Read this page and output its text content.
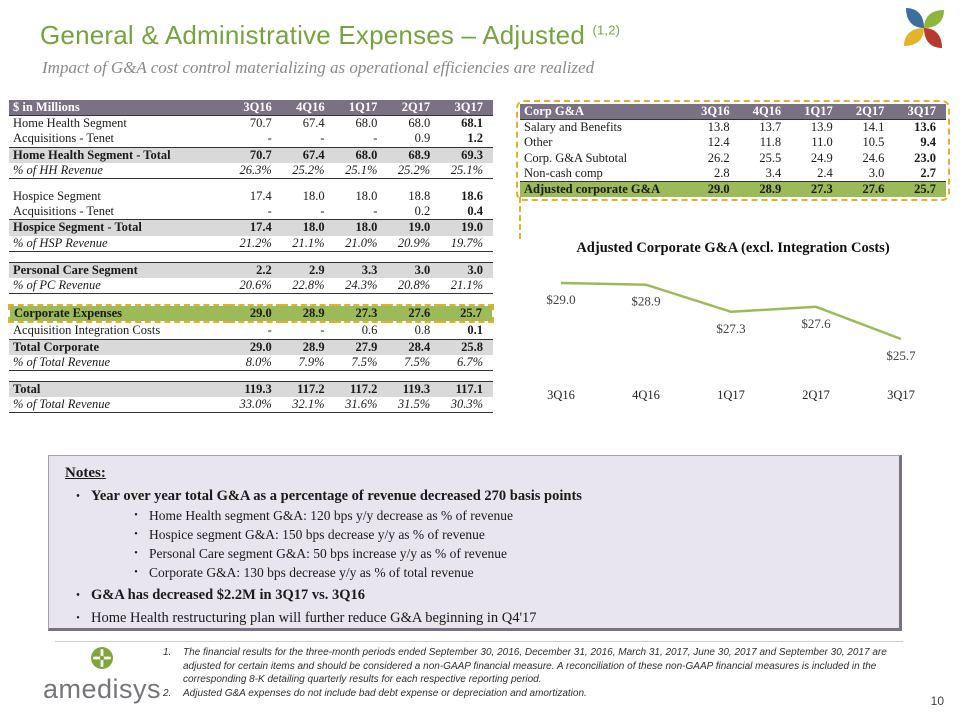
General & Administrative Expenses – Adjusted $^{(1,2)}$
Impact of G&A cost control materializing as operational efficiencies are realized
$ in Millions	3Q16	4Q16	1Q17	2Q17	3Q17
Home Health Segment	70.7	67.4	68.0	68.0	68.1
Acquisitions - Tenet	-	-	-	0.9	1.2
Home Health Segment - Total	70.7	67.4	68.0	68.9	69.3
% of HH Revenue	26.3%	25.2%	25.1%	25.2%	25.1%

Hospice Segment	17.4	18.0	18.0	18.8	18.6
Acquisitions - Tenet	-	-	-	0.2	0.4
Hospice Segment - Total	17.4	18.0	18.0	19.0	19.0
% of HSP Revenue	21.2%	21.1%	21.0%	20.9%	19.7%

Personal Care Segment	2.2	2.9	3.3	3.0	3.0
% of PC Revenue	20.6%	22.8%	24.3%	20.8%	21.1%

Corporate Expenses	29.0	28.9	27.3	27.6	25.7
Acquisition Integration Costs	-	-	0.6	0.8	0.1
Total Corporate	29.0	28.9	27.9	28.4	25.8
% of Total Revenue	8.0%	7.9%	7.5%	7.5%	6.7%

Total	119.3	117.2	117.2	119.3	117.1
% of Total Revenue	33.0%	32.1%	31.6%	31.5%	30.3%
Corp G&A	3Q16	4Q16	1Q17	2Q17	3Q17
Salary and Benefits	13.8	13.7	13.9	14.1	13.6
Other	12.4	11.8	11.0	10.5	9.4
Corp. G&A Subtotal	26.2	25.5	24.9	24.6	23.0
Non-cash comp	2.8	3.4	2.4	3.0	2.7
Adjusted corporate G&A	29.0	28.9	27.3	27.6	25.7
Adjusted Corporate G&A (excl. Integration Costs)
$29.0	$28.9
$27.3	$27.6
$25.7
3Q16	4Q16	1Q17	2Q17	3Q17
Notes:
• Year over year total G&A as a percentage of revenue decreased 270 basis points
• Home Health segment G&A: 120 bps y/y decrease as % of revenue
• Hospice segment G&A: 150 bps decrease y/y as % of revenue
• Personal Care segment G&A: 50 bps increase y/y as % of revenue
• Corporate G&A: 130 bps decrease y/y as % of total revenue
• G&A has decreased $2.2M in 3Q17 vs. 3Q16
• Home Health restructuring plan will further reduce G&A beginning in Q4'17
amedisys
1.	The financial results for the three-month periods ended September 30, 2016, December 31, 2016, March 31, 2017, June 30, 2017 and September 30, 2017 are adjusted for certain items and should be considered a non-GAAP financial measure. A reconciliation of these non-GAAP financial measures is included in the corresponding 8-K detailing quarterly results for each respective reporting period.
2.	Adjusted G&A expenses do not include bad debt expense or depreciation and amortization.
10
